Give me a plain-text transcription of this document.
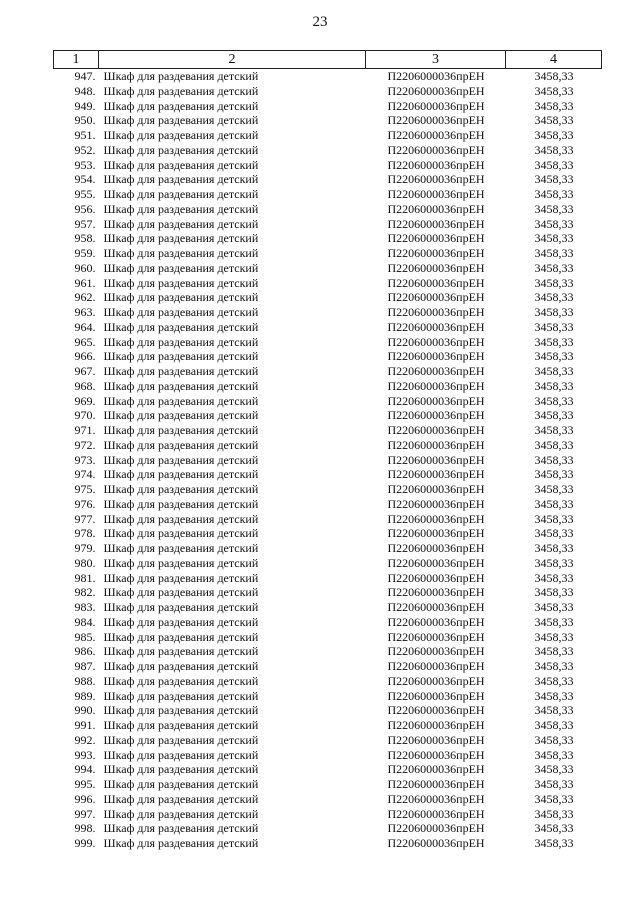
23
1	2	3	4
947.	Шкаф для раздевания детский	П2206000036прЕН	3458,33
948.	Шкаф для раздевания детский	П2206000036прЕН	3458,33
949.	Шкаф для раздевания детский	П2206000036прЕН	3458,33
950.	Шкаф для раздевания детский	П2206000036прЕН	3458,33
951.	Шкаф для раздевания детский	П2206000036прЕН	3458,33
952.	Шкаф для раздевания детский	П2206000036прЕН	3458,33
953.	Шкаф для раздевания детский	П2206000036прЕН	3458,33
954.	Шкаф для раздевания детский	П2206000036прЕН	3458,33
955.	Шкаф для раздевания детский	П2206000036прЕН	3458,33
956.	Шкаф для раздевания детский	П2206000036прЕН	3458,33
957.	Шкаф для раздевания детский	П2206000036прЕН	3458,33
958.	Шкаф для раздевания детский	П2206000036прЕН	3458,33
959.	Шкаф для раздевания детский	П2206000036прЕН	3458,33
960.	Шкаф для раздевания детский	П2206000036прЕН	3458,33
961.	Шкаф для раздевания детский	П2206000036прЕН	3458,33
962.	Шкаф для раздевания детский	П2206000036прЕН	3458,33
963.	Шкаф для раздевания детский	П2206000036прЕН	3458,33
964.	Шкаф для раздевания детский	П2206000036прЕН	3458,33
965.	Шкаф для раздевания детский	П2206000036прЕН	3458,33
966.	Шкаф для раздевания детский	П2206000036прЕН	3458,33
967.	Шкаф для раздевания детский	П2206000036прЕН	3458,33
968.	Шкаф для раздевания детский	П2206000036прЕН	3458,33
969.	Шкаф для раздевания детский	П2206000036прЕН	3458,33
970.	Шкаф для раздевания детский	П2206000036прЕН	3458,33
971.	Шкаф для раздевания детский	П2206000036прЕН	3458,33
972.	Шкаф для раздевания детский	П2206000036прЕН	3458,33
973.	Шкаф для раздевания детский	П2206000036прЕН	3458,33
974.	Шкаф для раздевания детский	П2206000036прЕН	3458,33
975.	Шкаф для раздевания детский	П2206000036прЕН	3458,33
976.	Шкаф для раздевания детский	П2206000036прЕН	3458,33
977.	Шкаф для раздевания детский	П2206000036прЕН	3458,33
978.	Шкаф для раздевания детский	П2206000036прЕН	3458,33
979.	Шкаф для раздевания детский	П2206000036прЕН	3458,33
980.	Шкаф для раздевания детский	П2206000036прЕН	3458,33
981.	Шкаф для раздевания детский	П2206000036прЕН	3458,33
982.	Шкаф для раздевания детский	П2206000036прЕН	3458,33
983.	Шкаф для раздевания детский	П2206000036прЕН	3458,33
984.	Шкаф для раздевания детский	П2206000036прЕН	3458,33
985.	Шкаф для раздевания детский	П2206000036прЕН	3458,33
986.	Шкаф для раздевания детский	П2206000036прЕН	3458,33
987.	Шкаф для раздевания детский	П2206000036прЕН	3458,33
988.	Шкаф для раздевания детский	П2206000036прЕН	3458,33
989.	Шкаф для раздевания детский	П2206000036прЕН	3458,33
990.	Шкаф для раздевания детский	П2206000036прЕН	3458,33
991.	Шкаф для раздевания детский	П2206000036прЕН	3458,33
992.	Шкаф для раздевания детский	П2206000036прЕН	3458,33
993.	Шкаф для раздевания детский	П2206000036прЕН	3458,33
994.	Шкаф для раздевания детский	П2206000036прЕН	3458,33
995.	Шкаф для раздевания детский	П2206000036прЕН	3458,33
996.	Шкаф для раздевания детский	П2206000036прЕН	3458,33
997.	Шкаф для раздевания детский	П2206000036прЕН	3458,33
998.	Шкаф для раздевания детский	П2206000036прЕН	3458,33
999.	Шкаф для раздевания детский	П2206000036прЕН	3458,33
